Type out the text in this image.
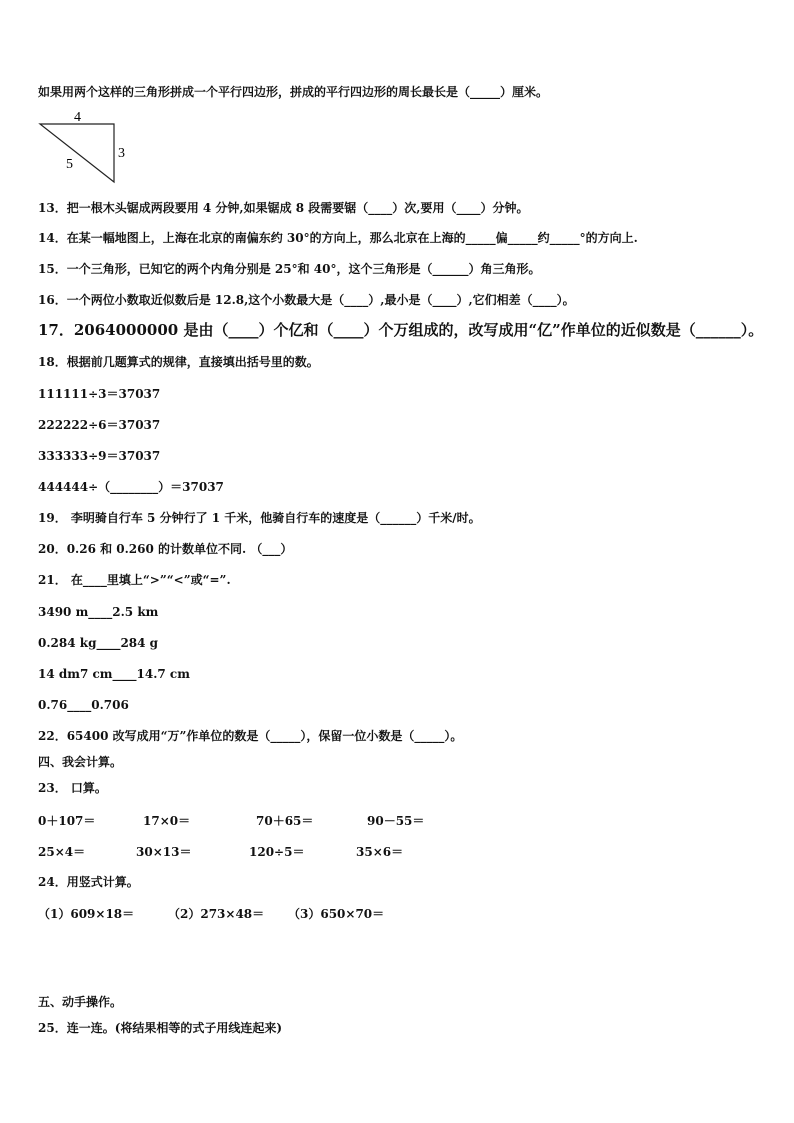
如果用两个这样的三角形拼成一个平行四边形，拼成的平行四边形的周长最长是（_____）厘米。
4
3
5
13．把一根木头锯成两段要用 4 分钟,如果锯成 8 段需要锯（____）次,要用（____）分钟。
14．在某一幅地图上，上海在北京的南偏东约 30°的方向上，那么北京在上海的_____偏_____约_____°的方向上.
15．一个三角形，已知它的两个内角分别是 25°和 40°，这个三角形是（______）角三角形。
16．一个两位小数取近似数后是 12.8,这个小数最大是（____）,最小是（____）,它们相差（____）。
17．2064000000 是由（____）个亿和（____）个万组成的，改写成用“亿”作单位的近似数是（______）。
18．根据前几题算式的规律，直接填出括号里的数。
111111÷3＝37037
222222÷6＝37037
333333÷9＝37037
444444÷（________）＝37037
19． 李明骑自行车 5 分钟行了 1 千米，他骑自行车的速度是（______）千米/时。
20．0.26 和 0.260 的计数单位不同. （___）
21． 在____里填上“>”“<”或“=”.
3490 m____2.5 km
0.284 kg____284 g
14 dm7 cm____14.7 cm
0.76____0.706
22．65400 改写成用“万”作单位的数是（_____），保留一位小数是（_____）。
四、我会计算。
23． 口算。
0＋107＝	17×0＝	70＋65＝	90－55＝
25×4＝	30×13＝	120÷5＝	35×6＝
24．用竖式计算。
（1）609×18＝	（2）273×48＝ （3）650×70＝
五、动手操作。
25．连一连。(将结果相等的式子用线连起来)
